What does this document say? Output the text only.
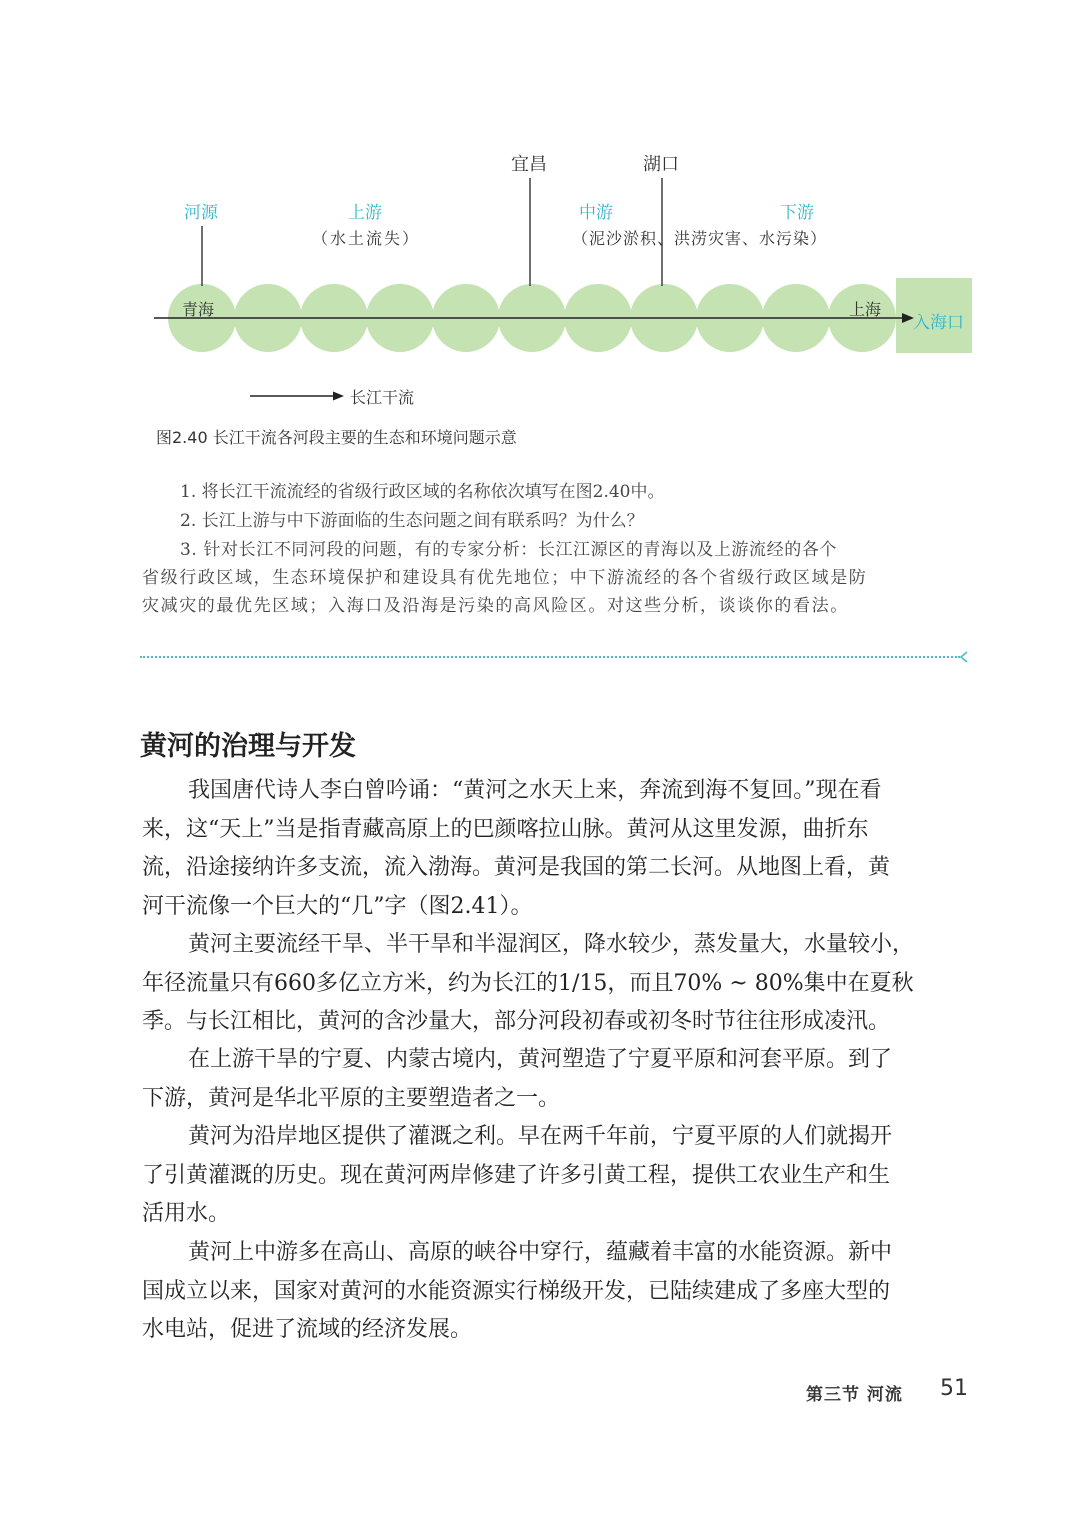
宜昌	湖口
河源	上游
（水土流失）
中游	下游
（泥沙淤积、洪涝灾害、水污染）
青海	上海
入海口
长江干流
图2.40 长江干流各河段主要的生态和环境问题示意
1. 将长江干流流经的省级行政区域的名称依次填写在图2.40中。
2. 长江上游与中下游面临的生态问题之间有联系吗？为什么？
3. 针对长江不同河段的问题，有的专家分析：长江江源区的青海以及上游流经的各个
省级行政区域，生态环境保护和建设具有优先地位；中下游流经的各个省级行政区域是防
灾减灾的最优先区域；入海口及沿海是污染的高风险区。对这些分析，谈谈你的看法。
黄河的治理与开发
我国唐代诗人李白曾吟诵：“黄河之水天上来，奔流到海不复回。”现在看
来，这“天上”当是指青藏高原上的巴颜喀拉山脉。黄河从这里发源，曲折东
流，沿途接纳许多支流，流入渤海。黄河是我国的第二长河。从地图上看，黄
河干流像一个巨大的“几”字（图2.41）。
黄河主要流经干旱、半干旱和半湿润区，降水较少，蒸发量大，水量较小，
年径流量只有660多亿立方米，约为长江的1/15，而且70% ~ 80%集中在夏秋
季。与长江相比，黄河的含沙量大，部分河段初春或初冬时节往往形成凌汛。
在上游干旱的宁夏、内蒙古境内，黄河塑造了宁夏平原和河套平原。到了
下游，黄河是华北平原的主要塑造者之一。
黄河为沿岸地区提供了灌溉之利。早在两千年前，宁夏平原的人们就揭开
了引黄灌溉的历史。现在黄河两岸修建了许多引黄工程，提供工农业生产和生
活用水。
黄河上中游多在高山、高原的峡谷中穿行，蕴藏着丰富的水能资源。新中
国成立以来，国家对黄河的水能资源实行梯级开发，已陆续建成了多座大型的
水电站，促进了流域的经济发展。
第三节 河流 51
